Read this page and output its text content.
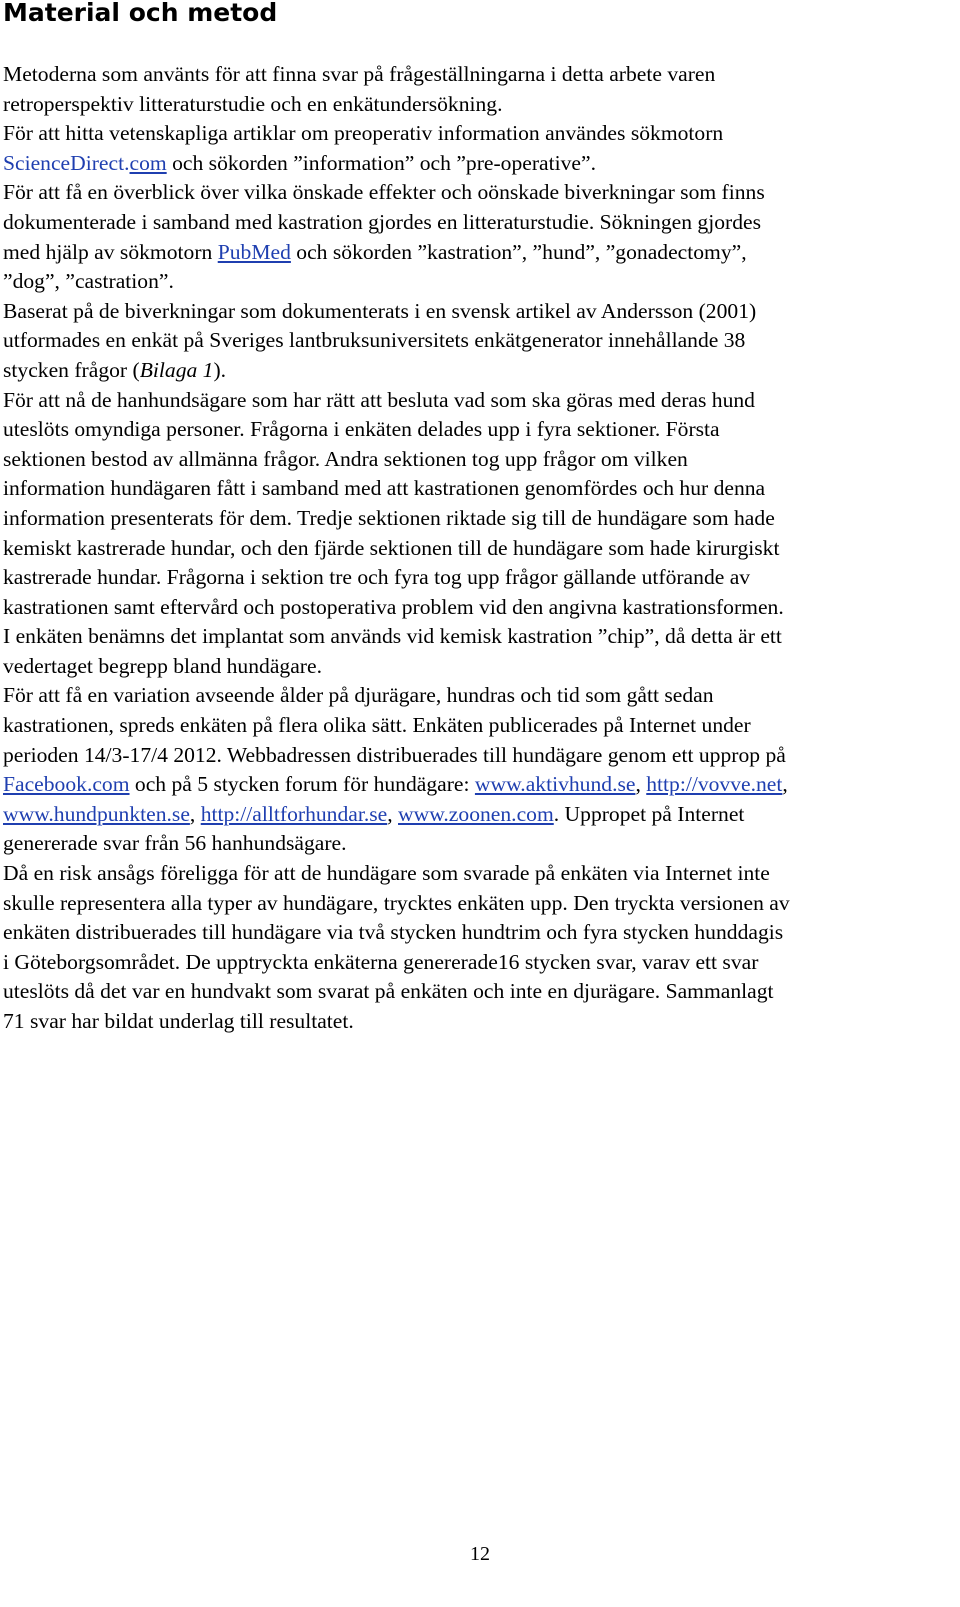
Material och metod
Metoderna som använts för att finna svar på frågeställningarna i detta arbete varen
retroperspektiv litteraturstudie och en enkätundersökning.
För att hitta vetenskapliga artiklar om preoperativ information användes sökmotorn
ScienceDirect.com och sökorden ”information” och ”pre-operative”.
För att få en överblick över vilka önskade effekter och oönskade biverkningar som finns
dokumenterade i samband med kastration gjordes en litteraturstudie. Sökningen gjordes
med hjälp av sökmotorn PubMed och sökorden ”kastration”, ”hund”, ”gonadectomy”,
”dog”, ”castration”.
Baserat på de biverkningar som dokumenterats i en svensk artikel av Andersson (2001)
utformades en enkät på Sveriges lantbruksuniversitets enkätgenerator innehållande 38
stycken frågor (Bilaga 1).
För att nå de hanhundsägare som har rätt att besluta vad som ska göras med deras hund
uteslöts omyndiga personer. Frågorna i enkäten delades upp i fyra sektioner. Första
sektionen bestod av allmänna frågor. Andra sektionen tog upp frågor om vilken
information hundägaren fått i samband med att kastrationen genomfördes och hur denna
information presenterats för dem. Tredje sektionen riktade sig till de hundägare som hade
kemiskt kastrerade hundar, och den fjärde sektionen till de hundägare som hade kirurgiskt
kastrerade hundar. Frågorna i sektion tre och fyra tog upp frågor gällande utförande av
kastrationen samt eftervård och postoperativa problem vid den angivna kastrationsformen.
I enkäten benämns det implantat som används vid kemisk kastration ”chip”, då detta är ett
vedertaget begrepp bland hundägare.
För att få en variation avseende ålder på djurägare, hundras och tid som gått sedan
kastrationen, spreds enkäten på flera olika sätt. Enkäten publicerades på Internet under
perioden 14/3-17/4 2012. Webbadressen distribuerades till hundägare genom ett upprop på
Facebook.com och på 5 stycken forum för hundägare: www.aktivhund.se, http://vovve.net,
www.hundpunkten.se, http://alltforhundar.se, www.zoonen.com. Uppropet på Internet
genererade svar från 56 hanhundsägare.
Då en risk ansågs föreligga för att de hundägare som svarade på enkäten via Internet inte
skulle representera alla typer av hundägare, trycktes enkäten upp. Den tryckta versionen av
enkäten distribuerades till hundägare via två stycken hundtrim och fyra stycken hunddagis
i Göteborgsområdet. De upptryckta enkäterna genererade16 stycken svar, varav ett svar
uteslöts då det var en hundvakt som svarat på enkäten och inte en djurägare. Sammanlagt
71 svar har bildat underlag till resultatet.
12
